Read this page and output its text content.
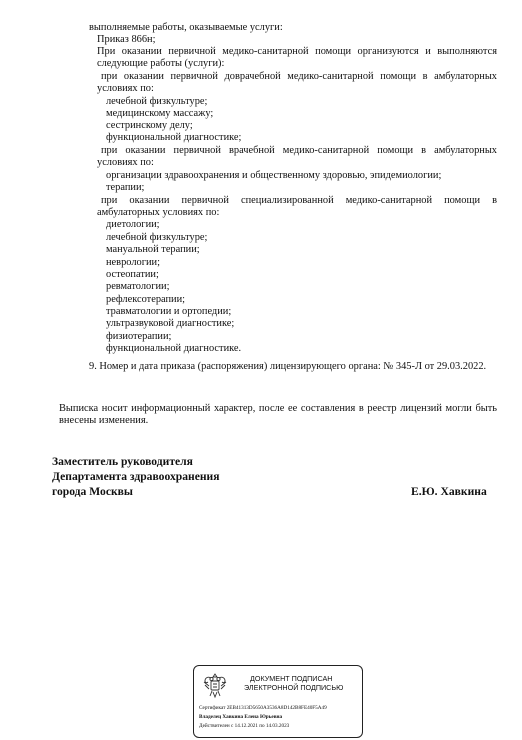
выполняемые работы, оказываемые услуги:

Приказ 866н;

При оказании первичной медико-санитарной помощи организуются и выполняются

следующие работы (услуги):

при оказании первичной доврачебной медико-санитарной помощи в амбулаторных

условиях по:

лечебной физкультуре;

медицинскому массажу;

сестринскому делу;

функциональной диагностике;

при оказании первичной врачебной медико-санитарной помощи в амбулаторных

условиях по:

организации здравоохранения и общественному здоровью, эпидемиологии;

терапии;

при оказании первичной специализированной медико-санитарной помощи в

амбулаторных условиях по:

диетологии;

лечебной физкультуре;

мануальной терапии;

неврологии;

остеопатии;

ревматологии;

рефлексотерапии;

травматологии и ортопедии;

ультразвуковой диагностике;

физиотерапии;

функциональной диагностике.

9. Номер и дата приказа (распоряжения) лицензирующего органа: № 345-Л от 29.03.2022.

Выписка носит информационный характер, после ее составления в реестр лицензий могли быть

внесены изменения.

Заместитель руководителя

Департамента здравоохранения

города Москвы	Е.Ю. Хавкина

ДОКУМЕНТ ПОДПИСАН
ЭЛЕКТРОННОЙ ПОДПИСЬЮ
Сертификат 2EB41313D5650A3536A8D142B8FE40F5A49
Владелец Хавкина Елена Юрьевна
Действителен с 14.12.2021 по 14.03.2023
